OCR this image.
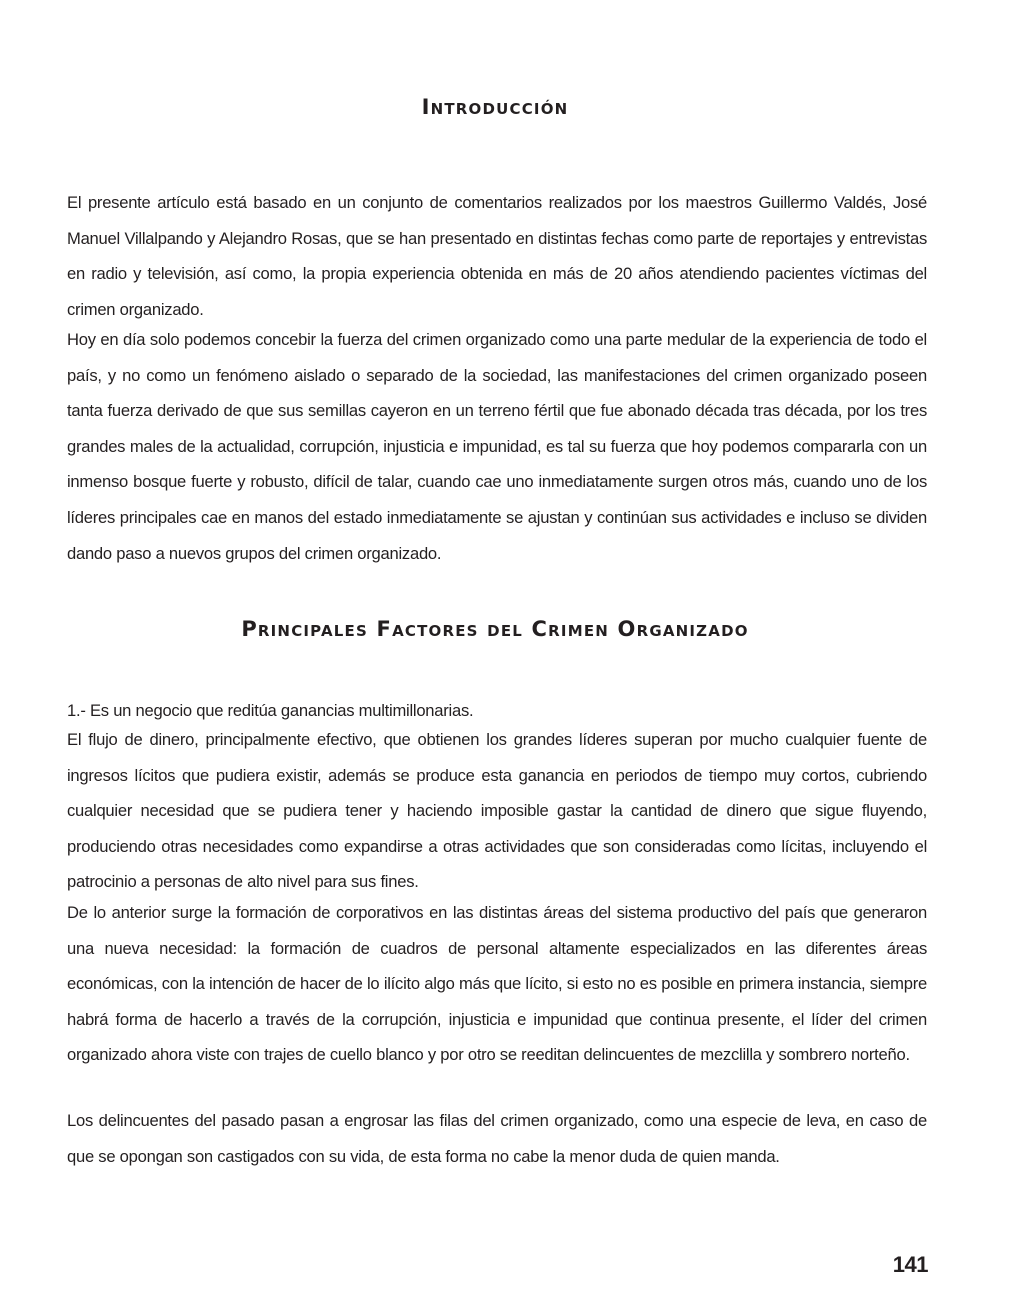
Introducción

El presente artículo está basado en un conjunto de comentarios realizados por los maestros Guillermo Valdés, José Manuel Villalpando y Alejandro Rosas, que se han presentado en distintas fechas como parte de reportajes y entrevistas en radio y televisión, así como, la propia experiencia obtenida en más de 20 años atendiendo pacientes víctimas del crimen organizado.

Hoy en día solo podemos concebir la fuerza del crimen organizado como una parte medular de la experiencia de todo el país, y no como un fenómeno aislado o separado de la sociedad, las manifestaciones del crimen organizado poseen tanta fuerza derivado de que sus semillas cayeron en un terreno fértil que fue abonado década tras década, por los tres grandes males de la actualidad, corrupción, injusticia e impunidad, es tal su fuerza que hoy podemos compararla con un inmenso bosque fuerte y robusto, difícil de talar, cuando cae uno inmediatamente surgen otros más, cuando uno de los líderes principales cae en manos del estado inmediatamente se ajustan y continúan sus actividades e incluso se dividen dando paso a nuevos grupos del crimen organizado.

Principales Factores del Crimen Organizado

1.- Es un negocio que reditúa ganancias multimillonarias.

El flujo de dinero, principalmente efectivo, que obtienen los grandes líderes superan por mucho cualquier fuente de ingresos lícitos que pudiera existir, además se produce esta ganancia en periodos de tiempo muy cortos, cubriendo cualquier necesidad que se pudiera tener y haciendo imposible gastar la cantidad de dinero que sigue fluyendo, produciendo otras necesidades como expandirse a otras actividades que son consideradas como lícitas, incluyendo el patrocinio a personas de alto nivel para sus fines.

De lo anterior surge la formación de corporativos en las distintas áreas del sistema productivo del país que generaron una nueva necesidad: la formación de cuadros de personal altamente especializados en las diferentes áreas económicas, con la intención de hacer de lo ilícito algo más que lícito, si esto no es posible en primera instancia, siempre habrá forma de hacerlo a través de la corrupción, injusticia e impunidad que continua presente, el líder del crimen organizado ahora viste con trajes de cuello blanco y por otro se reeditan delincuentes de mezclilla y sombrero norteño.

Los delincuentes del pasado pasan a engrosar las filas del crimen organizado, como una especie de leva, en caso de que se opongan son castigados con su vida, de esta forma no cabe la menor duda de quien manda.

141
